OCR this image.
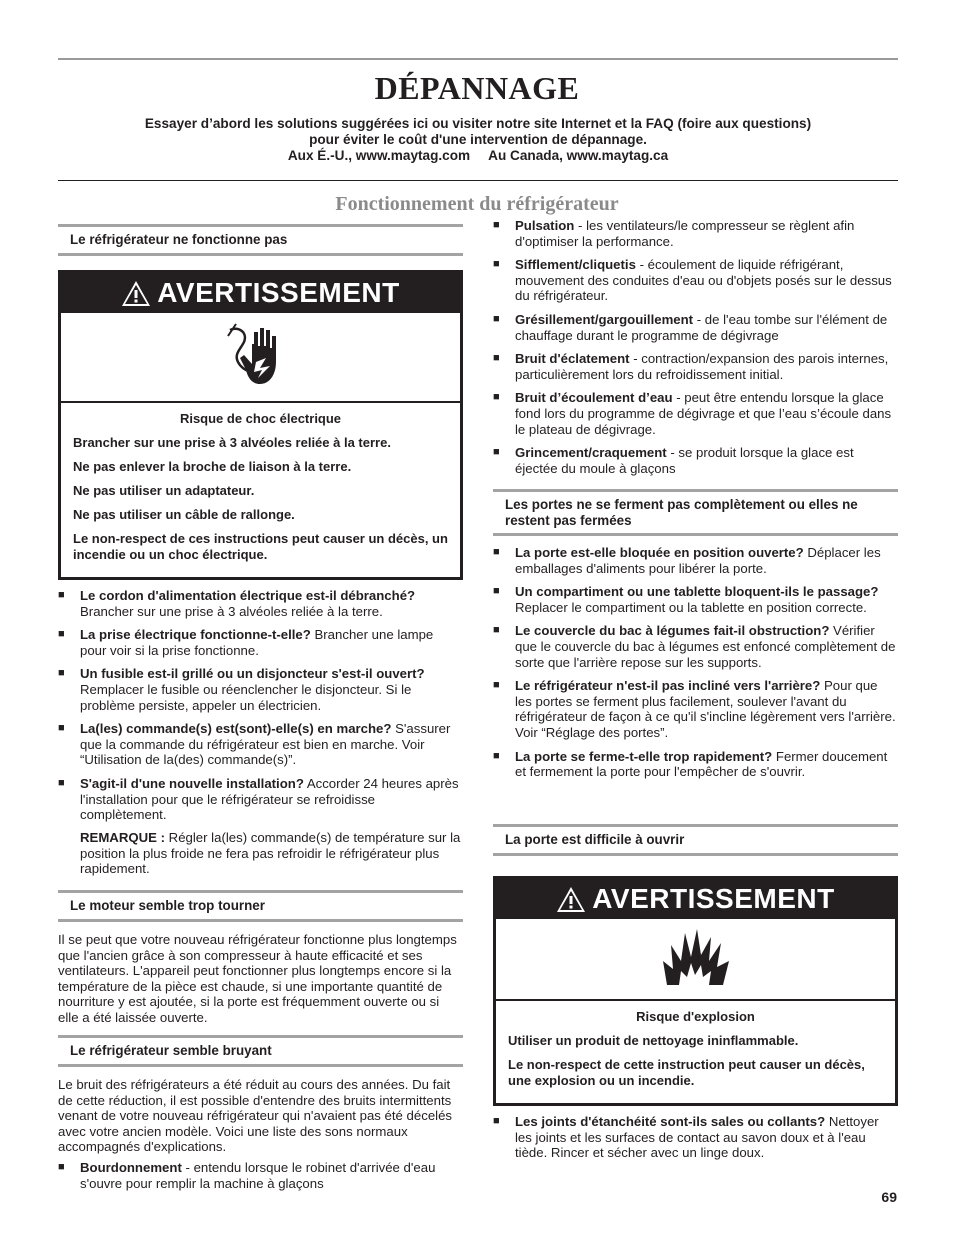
DÉPANNAGE
Essayer d’abord les solutions suggérées ici ou visiter notre site Internet et la FAQ (foire aux questions)
pour éviter le coût d'une intervention de dépannage.
Aux É.-U., www.maytag.com Au Canada, www.maytag.ca
Fonctionnement du réfrigérateur
Le réfrigérateur ne fonctionne pas
AVERTISSEMENT
Risque de choc électrique

Brancher sur une prise à 3 alvéoles reliée à la terre.

Ne pas enlever la broche de liaison à la terre.

Ne pas utiliser un adaptateur.

Ne pas utiliser un câble de rallonge.

Le non-respect de ces instructions peut causer un décès, un incendie ou un choc électrique.

■ Le cordon d'alimentation électrique est-il débranché? Brancher sur une prise à 3 alvéoles reliée à la terre.
■ La prise électrique fonctionne-t-elle? Brancher une lampe pour voir si la prise fonctionne.
■ Un fusible est-il grillé ou un disjoncteur s'est-il ouvert? Remplacer le fusible ou réenclencher le disjoncteur. Si le problème persiste, appeler un électricien.
■ La(les) commande(s) est(sont)-elle(s) en marche? S'assurer que la commande du réfrigérateur est bien en marche. Voir “Utilisation de la(des) commande(s)”.
■ S'agit-il d'une nouvelle installation? Accorder 24 heures après l'installation pour que le réfrigérateur se refroidisse complètement.
REMARQUE : Régler la(les) commande(s) de température sur la position la plus froide ne fera pas refroidir le réfrigérateur plus rapidement.
Le moteur semble trop tourner
Il se peut que votre nouveau réfrigérateur fonctionne plus longtemps que l'ancien grâce à son compresseur à haute efficacité et ses ventilateurs. L'appareil peut fonctionner plus longtemps encore si la température de la pièce est chaude, si une importante quantité de nourriture y est ajoutée, si la porte est fréquemment ouverte ou si elle a été laissée ouverte.
Le réfrigérateur semble bruyant
Le bruit des réfrigérateurs a été réduit au cours des années. Du fait de cette réduction, il est possible d'entendre des bruits intermittents venant de votre nouveau réfrigérateur qui n'avaient pas été décelés avec votre ancien modèle. Voici une liste des sons normaux accompagnés d'explications.
■ Bourdonnement - entendu lorsque le robinet d'arrivée d'eau s'ouvre pour remplir la machine à glaçons
■ Pulsation - les ventilateurs/le compresseur se règlent afin d'optimiser la performance.
■ Sifflement/cliquetis - écoulement de liquide réfrigérant, mouvement des conduites d'eau ou d'objets posés sur le dessus du réfrigérateur.
■ Grésillement/gargouillement - de l'eau tombe sur l'élément de chauffage durant le programme de dégivrage
■ Bruit d'éclatement - contraction/expansion des parois internes, particulièrement lors du refroidissement initial.
■ Bruit d’écoulement d’eau - peut être entendu lorsque la glace fond lors du programme de dégivrage et que l’eau s’écoule dans le plateau de dégivrage.
■ Grincement/craquement - se produit lorsque la glace est éjectée du moule à glaçons
Les portes ne se ferment pas complètement ou elles ne restent pas fermées
■ La porte est-elle bloquée en position ouverte? Déplacer les emballages d'aliments pour libérer la porte.
■ Un compartiment ou une tablette bloquent-ils le passage? Replacer le compartiment ou la tablette en position correcte.
■ Le couvercle du bac à légumes fait-il obstruction? Vérifier que le couvercle du bac à légumes est enfoncé complètement de sorte que l'arrière repose sur les supports.
■ Le réfrigérateur n'est-il pas incliné vers l'arrière? Pour que les portes se ferment plus facilement, soulever l'avant du réfrigérateur de façon à ce qu'il s'incline légèrement vers l'arrière. Voir “Réglage des portes”.
■ La porte se ferme-t-elle trop rapidement? Fermer doucement et fermement la porte pour l'empêcher de s'ouvrir.
La porte est difficile à ouvrir
AVERTISSEMENT
Risque d'explosion

Utiliser un produit de nettoyage ininflammable.

Le non-respect de cette instruction peut causer un décès, une explosion ou un incendie.

■ Les joints d'étanchéité sont-ils sales ou collants? Nettoyer les joints et les surfaces de contact au savon doux et à l'eau tiède. Rincer et sécher avec un linge doux.
69
